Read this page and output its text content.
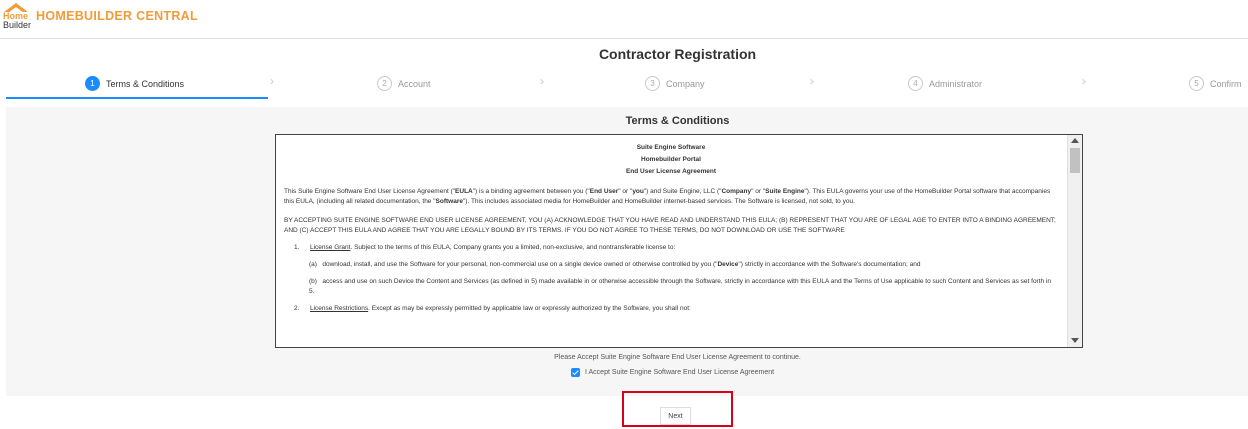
Home
Builder
HOMEBUILDER CENTRAL
Contractor Registration
1	Terms & Conditions	›	2	Account	›	3	Company	›	4	Administrator	›	5	Confirm
Terms & Conditions
Suite Engine Software
Homebuilder Portal
End User License Agreement
This Suite Engine Software End User License Agreement ("EULA") is a binding agreement between you ("End User" or "you") and Suite Engine, LLC ("Company" or "Suite Engine"). This EULA governs your use of the HomeBuilder Portal software that accompanies this EULA, (including all related documentation, the "Software"). This includes associated media for HomeBuilder and HomeBuilder internet-based services. The Software is licensed, not sold, to you.
BY ACCEPTING SUITE ENGINE SOFTWARE END USER LICENSE AGREEMENT, YOU (A) ACKNOWLEDGE THAT YOU HAVE READ AND UNDERSTAND THIS EULA; (B) REPRESENT THAT YOU ARE OF LEGAL AGE TO ENTER INTO A BINDING AGREEMENT; AND (C) ACCEPT THIS EULA AND AGREE THAT YOU ARE LEGALLY BOUND BY ITS TERMS. IF YOU DO NOT AGREE TO THESE TERMS, DO NOT DOWNLOAD OR USE THE SOFTWARE
1. License Grant. Subject to the terms of this EULA, Company grants you a limited, non-exclusive, and nontransferable license to:
(a) download, install, and use the Software for your personal, non-commercial use on a single device owned or otherwise controlled by you ("Device") strictly in accordance with the Software's documentation; and
(b) access and use on such Device the Content and Services (as defined in 5) made available in or otherwise accessible through the Software, strictly in accordance with this EULA and the Terms of Use applicable to such Content and Services as set forth in 5.
2. License Restrictions. Except as may be expressly permitted by applicable law or expressly authorized by the Software, you shall not:
Please Accept Suite Engine Software End User License Agreement to continue.
I Accept Suite Engine Software End User License Agreement
Next
